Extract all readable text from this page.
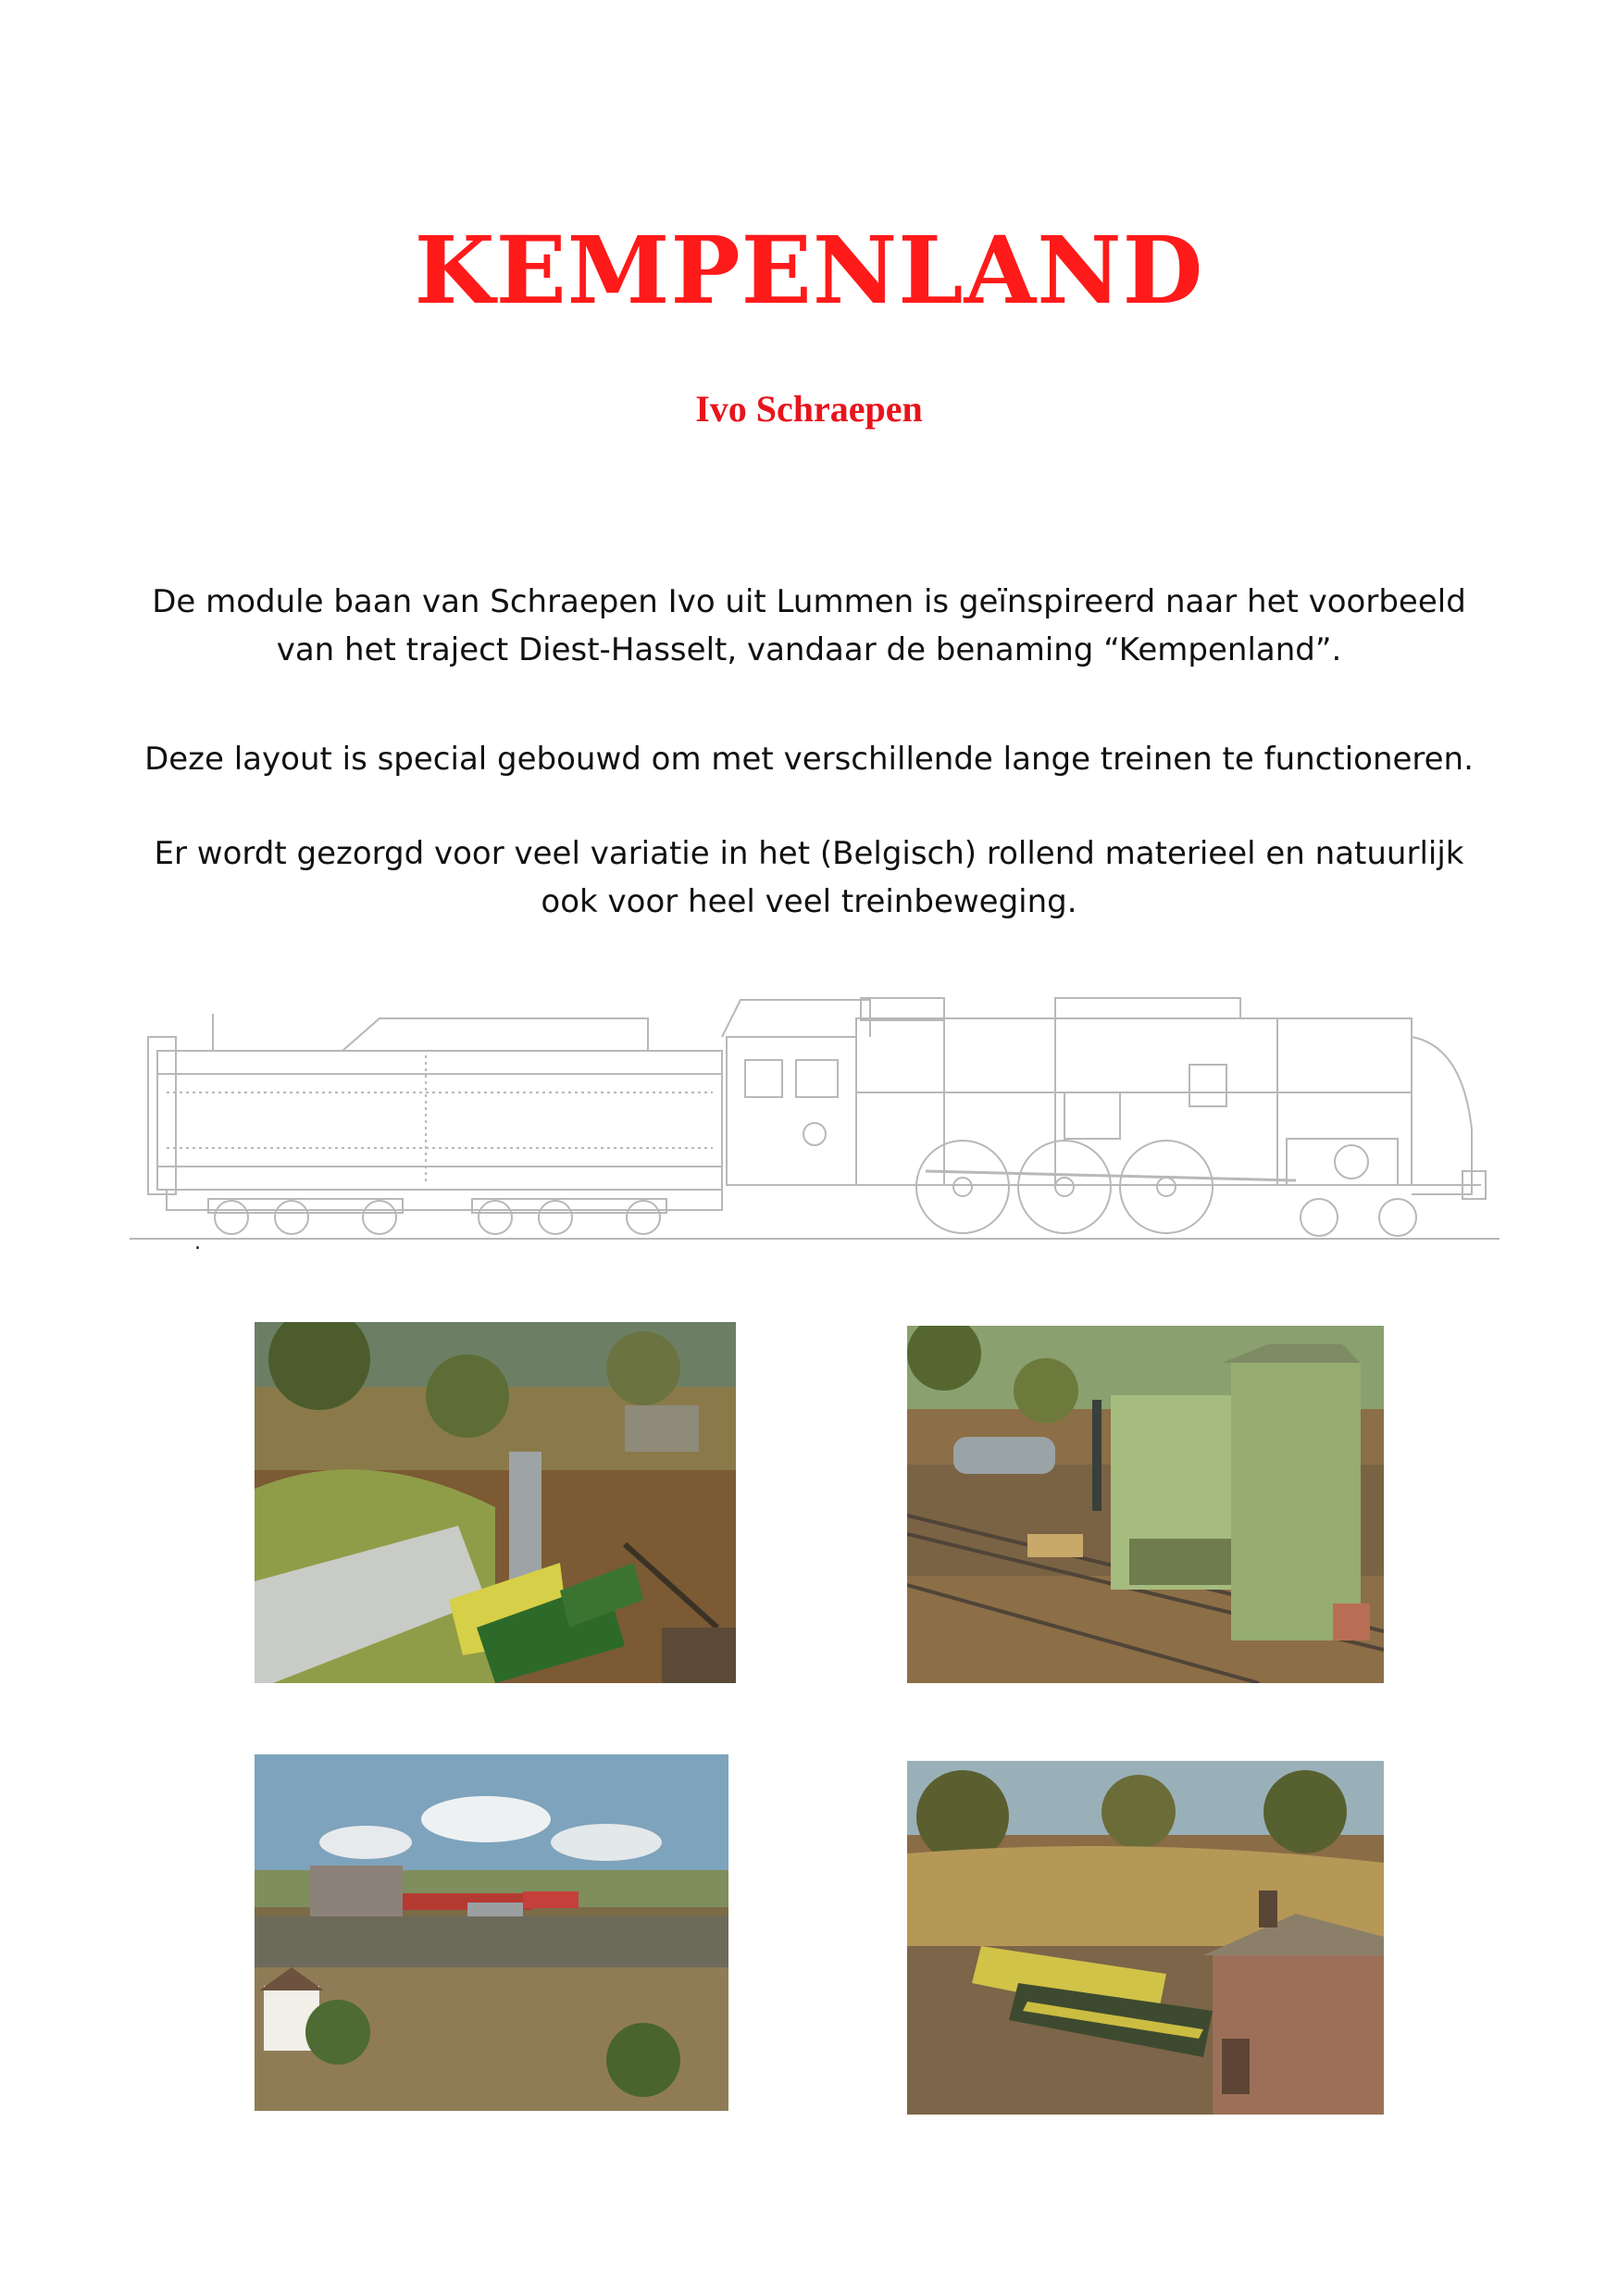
KEMPENLAND
Ivo Schraepen
De module baan van Schraepen Ivo uit Lummen is geïnspireerd naar het voorbeeld
van het traject Diest-Hasselt, vandaar de benaming “Kempenland”.
Deze layout is special gebouwd om met verschillende lange treinen te functioneren.
Er wordt gezorgd voor veel variatie in het (Belgisch) rollend materieel en natuurlijk
ook voor heel veel treinbeweging.
.
